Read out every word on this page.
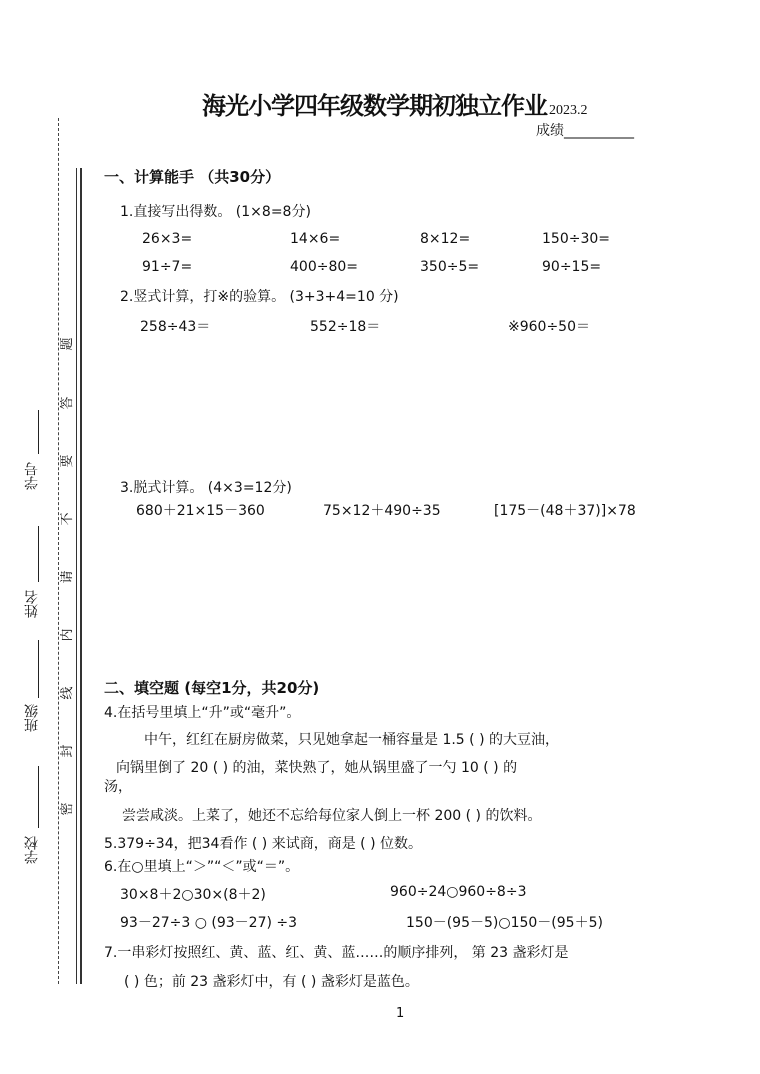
海光小学四年级数学期初独立作业 2023.2
成绩__________
学号
姓名
班级
学校
题
答
要
不
请
内
线
封
密
一、计算能手 （共30分）
1.直接写出得数。 (1×8=8分)
26×3=	14×6=	8×12=	150÷30=
91÷7=	400÷80=	350÷5=	90÷15=
2.竖式计算，打※的验算。 (3+3+4=10 分)
258÷43＝	552÷18＝	※960÷50＝
3.脱式计算。 (4×3=12分)
680＋21×15－360	75×12＋490÷35	[175－(48＋37)]×78
二、填空题 (每空1分，共20分)
4.在括号里填上“升”或“毫升”。
中午，红红在厨房做菜，只见她拿起一桶容量是 1.5 ( ) 的大豆油，
向锅里倒了 20 ( ) 的油，菜快熟了，她从锅里盛了一勺 10 ( ) 的
汤，
尝尝咸淡。上菜了，她还不忘给每位家人倒上一杯 200 ( ) 的饮料。
5.379÷34，把34看作 ( ) 来试商，商是 ( ) 位数。
6.在○里填上“＞”“＜”或“＝”。
30×8＋2○30×(8＋2)	960÷24○960÷8÷3
93－27÷3 ○ (93－27) ÷3	150－(95－5)○150－(95＋5)
7.一串彩灯按照红、黄、蓝、红、黄、蓝……的顺序排列， 第 23 盏彩灯是
( ) 色；前 23 盏彩灯中，有 ( ) 盏彩灯是蓝色。
1
